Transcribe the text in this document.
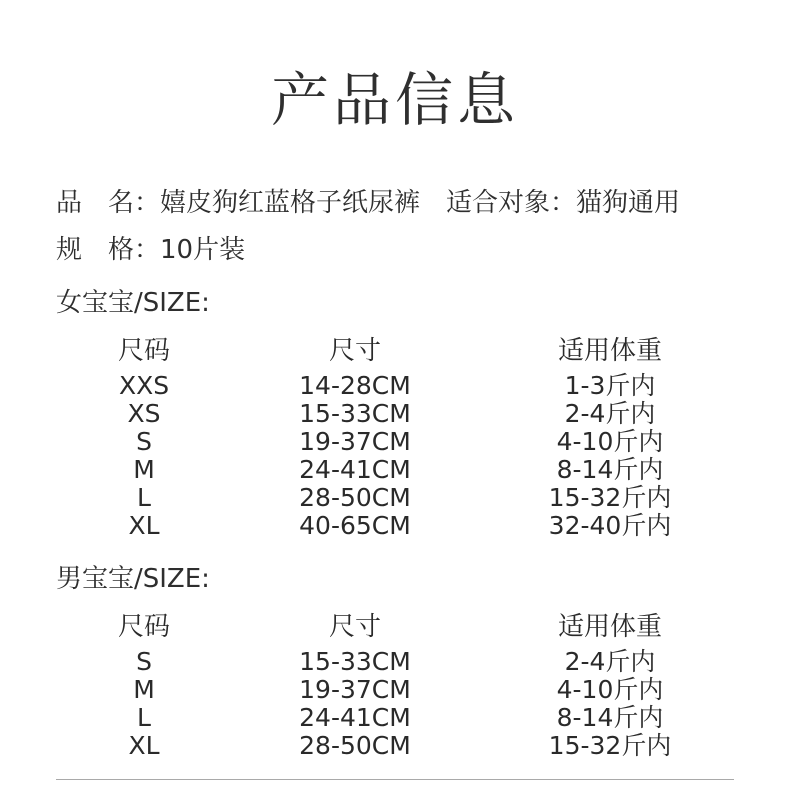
产品信息
品　名：嬉皮狗红蓝格子纸尿裤 适合对象：猫狗通用
规　格：10片装
女宝宝/SIZE:
尺码	尺寸	适用体重
XXS	14-28CM	1-3斤内
XS	15-33CM	2-4斤内
S	19-37CM	4-10斤内
M	24-41CM	8-14斤内
L	28-50CM	15-32斤内
XL	40-65CM	32-40斤内
男宝宝/SIZE:
尺码	尺寸	适用体重
S	15-33CM	2-4斤内
M	19-37CM	4-10斤内
L	24-41CM	8-14斤内
XL	28-50CM	15-32斤内
